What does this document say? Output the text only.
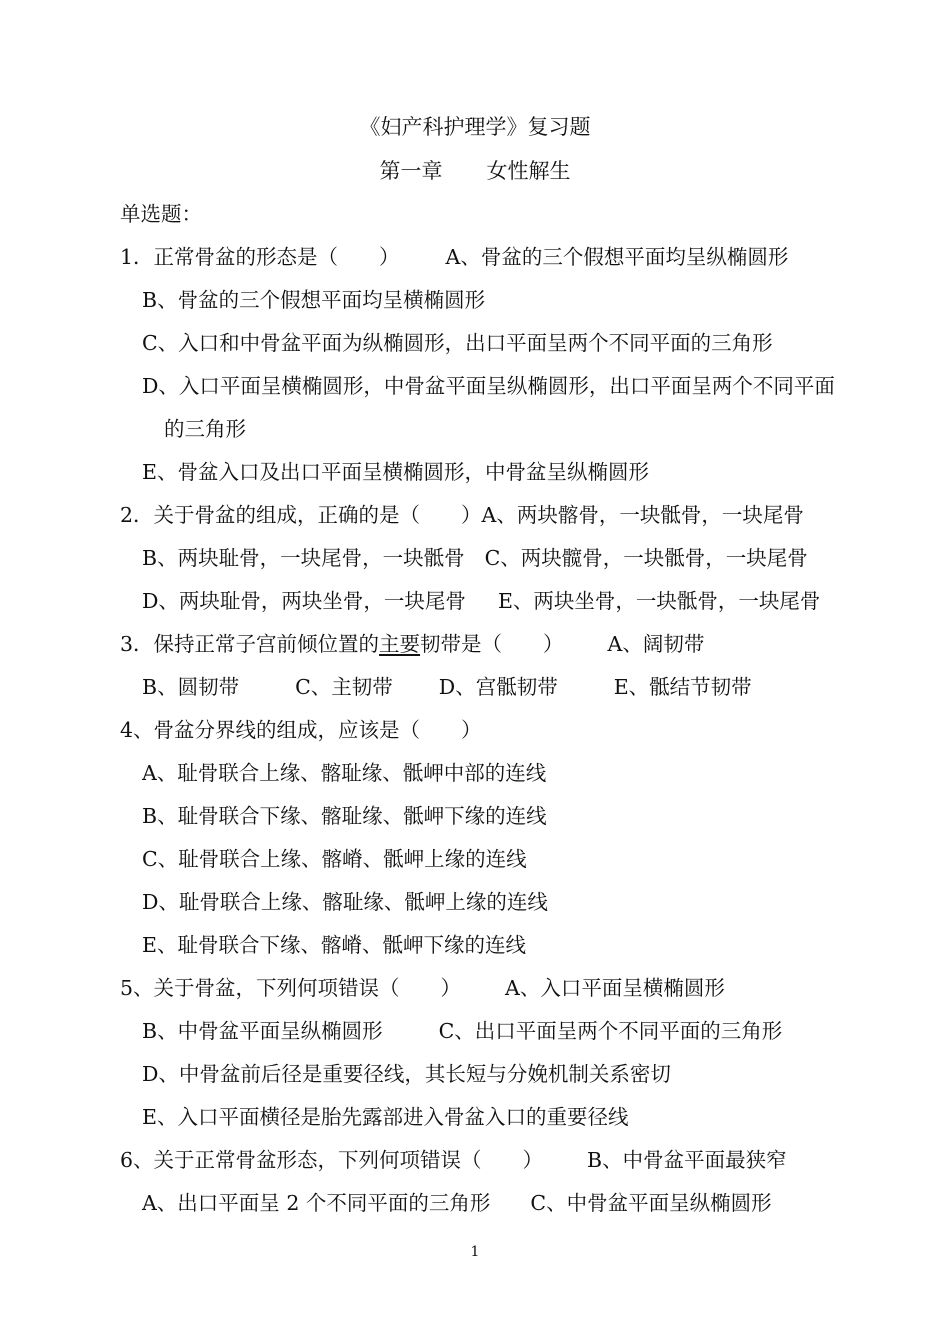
《妇产科护理学》复习题
第一章 女性解生
单选题：
1．正常骨盆的形态是（　　） A、骨盆的三个假想平面均呈纵椭圆形
B、骨盆的三个假想平面均呈横椭圆形
C、入口和中骨盆平面为纵椭圆形，出口平面呈两个不同平面的三角形
D、入口平面呈横椭圆形，中骨盆平面呈纵椭圆形，出口平面呈两个不同平面
的三角形
E、骨盆入口及出口平面呈横椭圆形，中骨盆呈纵椭圆形
2．关于骨盆的组成，正确的是（　　）A、两块髂骨，一块骶骨，一块尾骨
B、两块耻骨，一块尾骨，一块骶骨 C、两块髋骨，一块骶骨，一块尾骨
D、两块耻骨，两块坐骨，一块尾骨 E、两块坐骨，一块骶骨，一块尾骨
3．保持正常子宫前倾位置的主要韧带是（　　） A、阔韧带
B、圆韧带	C、主韧带 D、宫骶韧带	E、骶结节韧带
4、骨盆分界线的组成，应该是（　　）
A、耻骨联合上缘、髂耻缘、骶岬中部的连线
B、耻骨联合下缘、髂耻缘、骶岬下缘的连线
C、耻骨联合上缘、髂嵴、骶岬上缘的连线
D、耻骨联合上缘、髂耻缘、骶岬上缘的连线
E、耻骨联合下缘、髂嵴、骶岬下缘的连线
5、关于骨盆，下列何项错误（　　） A、入口平面呈横椭圆形
B、中骨盆平面呈纵椭圆形	C、出口平面呈两个不同平面的三角形
D、中骨盆前后径是重要径线，其长短与分娩机制关系密切
E、入口平面横径是胎先露部进入骨盆入口的重要径线
6、关于正常骨盆形态，下列何项错误（　　） B、中骨盆平面最狭窄
A、出口平面呈 2 个不同平面的三角形 C、中骨盆平面呈纵椭圆形
1
